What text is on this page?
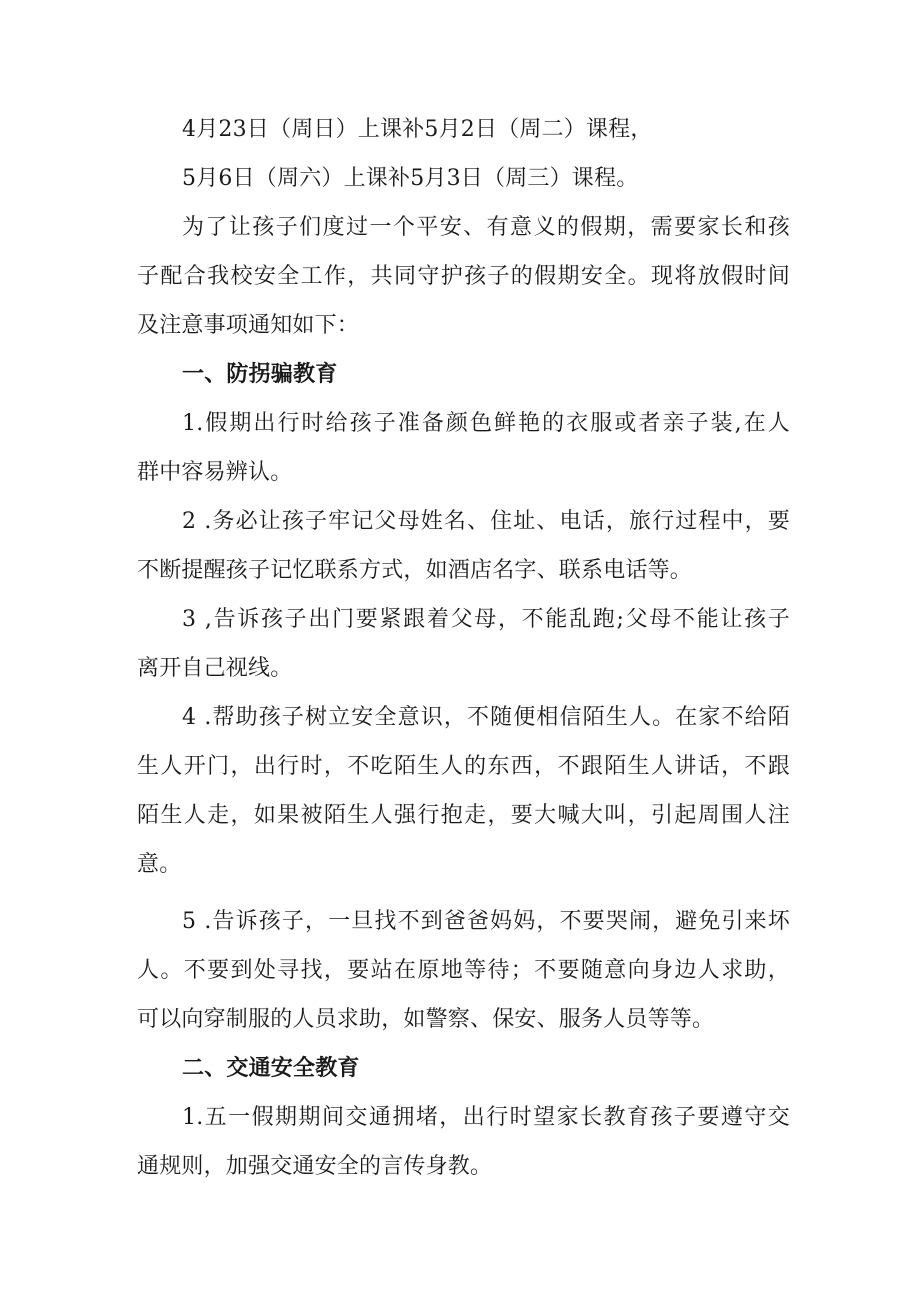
4月23日（周日）上课补5月2日（周二）课程，
5月6日（周六）上课补5月3日（周三）课程。
为了让孩子们度过一个平安、有意义的假期，需要家长和孩
子配合我校安全工作，共同守护孩子的假期安全。现将放假时间
及注意事项通知如下：
一、防拐骗教育
1.假期出行时给孩子准备颜色鲜艳的衣服或者亲子装,在人
群中容易辨认。
2 .务必让孩子牢记父母姓名、住址、电话，旅行过程中，要
不断提醒孩子记忆联系方式，如酒店名字、联系电话等。
3 ,告诉孩子出门要紧跟着父母，不能乱跑;父母不能让孩子
离开自己视线。
4 .帮助孩子树立安全意识，不随便相信陌生人。在家不给陌
生人开门，出行时，不吃陌生人的东西，不跟陌生人讲话，不跟
陌生人走，如果被陌生人强行抱走，要大喊大叫，引起周围人注
意。
5 .告诉孩子，一旦找不到爸爸妈妈，不要哭闹，避免引来坏
人。不要到处寻找，要站在原地等待；不要随意向身边人求助，
可以向穿制服的人员求助，如警察、保安、服务人员等等。
二、交通安全教育
1.五一假期期间交通拥堵，出行时望家长教育孩子要遵守交
通规则，加强交通安全的言传身教。
